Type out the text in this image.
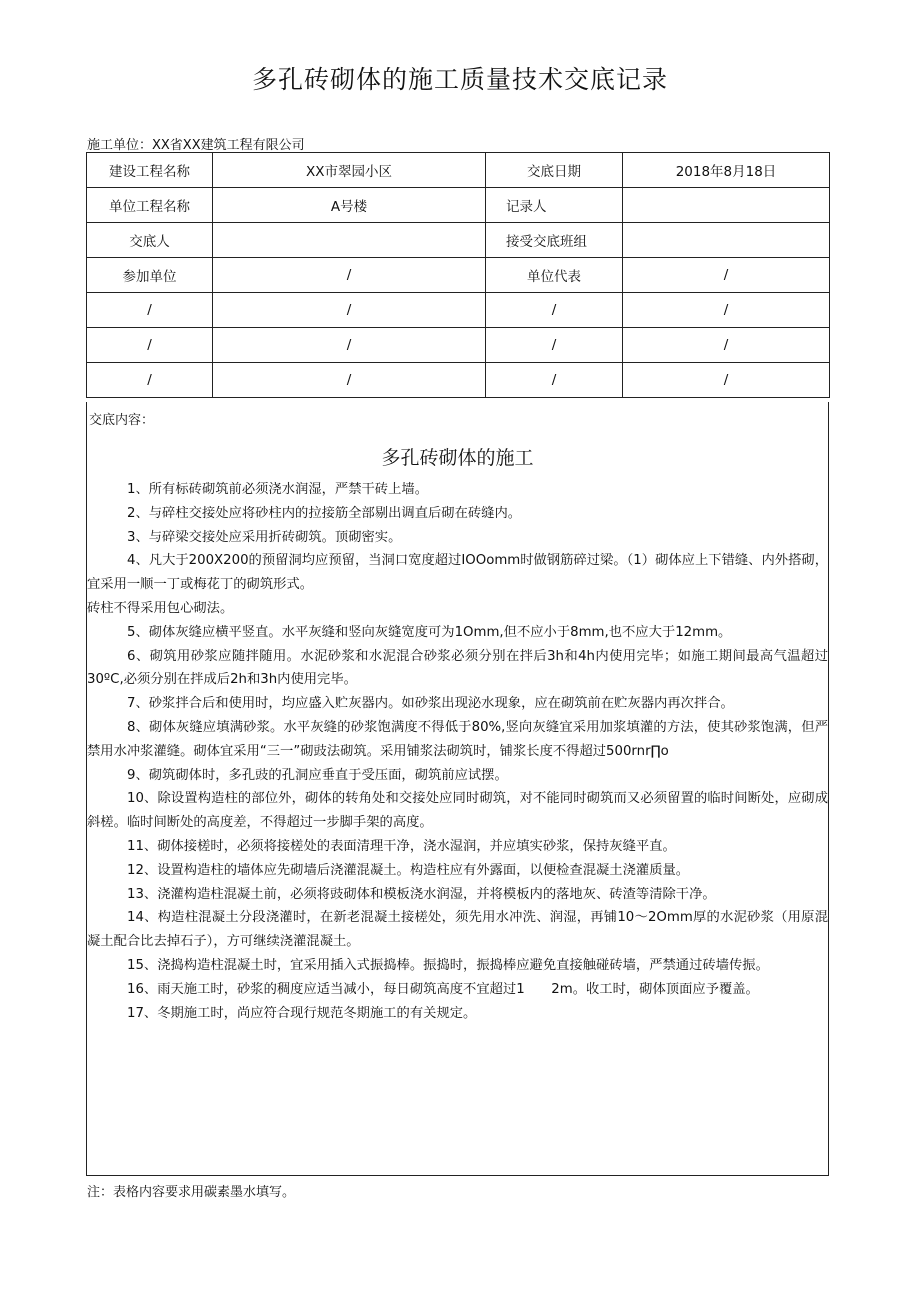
多孔砖砌体的施工质量技术交底记录
施工单位：XX省XX建筑工程有限公司
建设工程名称	XX市翠园小区	交底日期	2018年8月18日
单位工程名称	A号楼	记录人	
交底人		接受交底班组	
参加单位	/	单位代表	/
/	/	/	/
/	/	/	/
/	/	/	/
交底内容：
多孔砖砌体的施工

1、所有标砖砌筑前必须浇水润湿，严禁干砖上墙。

2、与碎柱交接处应将砂柱内的拉接筋全部剔出调直后砌在砖缝内。

3、与碎梁交接处应采用折砖砌筑。顶砌密实。

4、凡大于200X200的预留洞均应预留，当洞口宽度超过IOOomm时做钢筋碎过梁。（1）砌体应上下错缝、内外搭砌，宜采用一顺一丁或梅花丁的砌筑形式。

砖柱不得采用包心砌法。

5、砌体灰缝应横平竖直。水平灰缝和竖向灰缝宽度可为1Omm,但不应小于8mm,也不应大于12mm。

6、砌筑用砂浆应随拌随用。水泥砂浆和水泥混合砂浆必须分别在拌后3h和4h内使用完毕；如施工期间最高气温超过30ºC,必须分别在拌成后2h和3h内使用完毕。

7、砂浆拌合后和使用时，均应盛入贮灰器内。如砂浆出现泌水现象，应在砌筑前在贮灰器内再次拌合。

8、砌体灰缝应填满砂浆。水平灰缝的砂浆饱满度不得低于80%,竖向灰缝宜采用加浆填灌的方法，使其砂浆饱满，但严禁用水冲浆灌缝。砌体宜采用“三一”砌豉法砌筑。采用铺浆法砌筑时，铺浆长度不得超过500rnr∏o

9、砌筑砌体时，多孔豉的孔洞应垂直于受压面，砌筑前应试摆。

10、除设置构造柱的部位外，砌体的转角处和交接处应同时砌筑，对不能同时砌筑而又必须留置的临时间断处，应砌成斜槎。临时间断处的高度差，不得超过一步脚手架的高度。

11、砌体接槎时，必须将接槎处的表面清理干净，浇水湿润，并应填实砂浆，保持灰缝平直。

12、设置构造柱的墙体应先砌墙后浇灌混凝土。构造柱应有外露面，以便检查混凝土浇灌质量。

13、浇灌构造柱混凝土前，必须将豉砌体和模板浇水润湿，并将模板内的落地灰、砖渣等清除干净。

14、构造柱混凝土分段浇灌时，在新老混凝土接槎处，须先用水冲洗、润湿，再铺10～2Omm厚的水泥砂浆（用原混凝土配合比去掉石子），方可继续浇灌混凝土。

15、浇捣构造柱混凝土时，宜采用插入式振捣棒。振捣时，振捣棒应避免直接触碰砖墙，严禁通过砖墙传振。

16、雨天施工时，砂浆的稠度应适当减小，每日砌筑高度不宜超过1　　2m。收工时，砌体顶面应予覆盖。

17、冬期施工时，尚应符合现行规范冬期施工的有关规定。

注：表格内容要求用碳素墨水填写。
